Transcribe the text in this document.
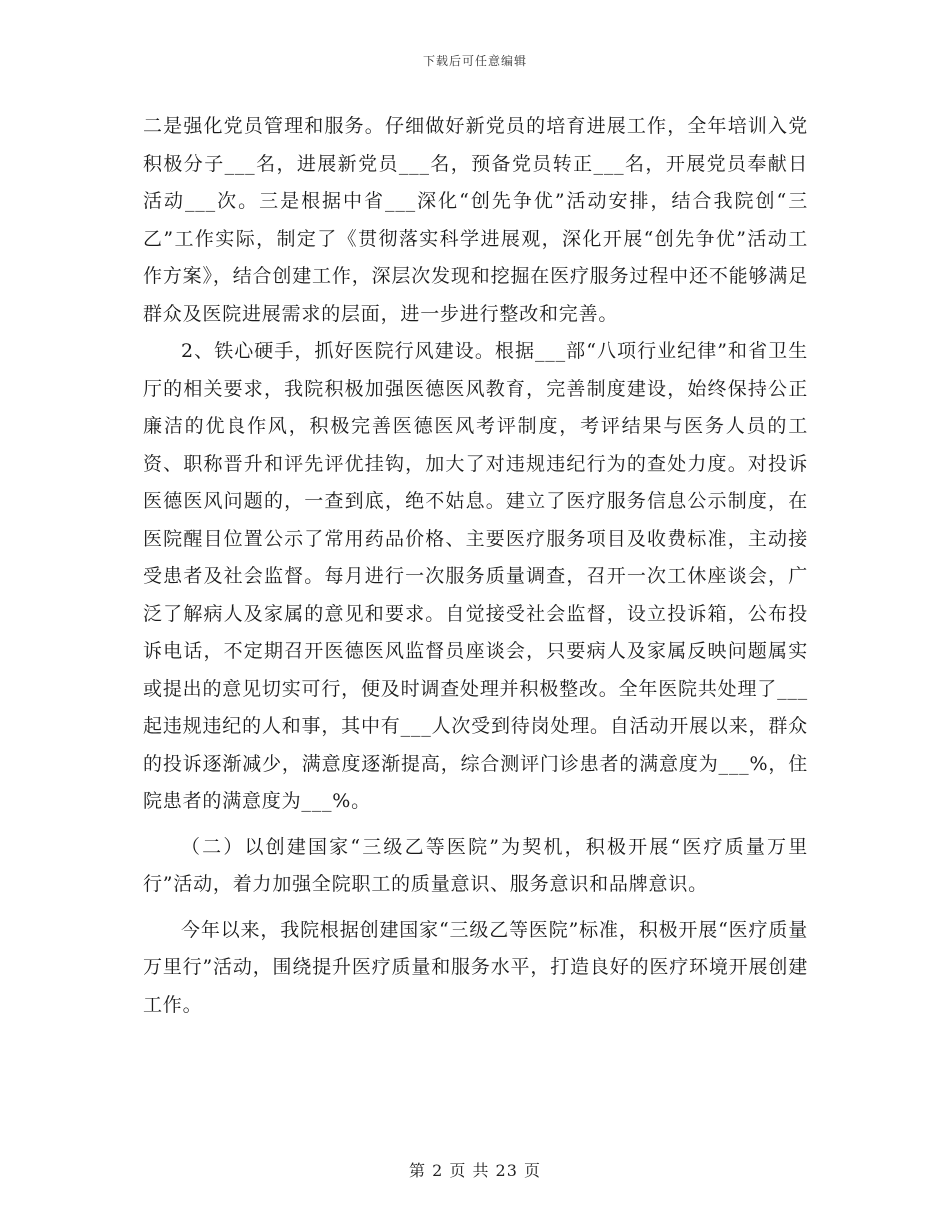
下载后可任意编辑

二是强化党员管理和服务。仔细做好新党员的培育进展工作，全年培训入党积极分子___名，进展新党员___名，预备党员转正___名，开展党员奉献日活动___次。三是根据中省___深化“创先争优”活动安排，结合我院创“三乙”工作实际，制定了《贯彻落实科学进展观，深化开展“创先争优”活动工作方案》，结合创建工作，深层次发现和挖掘在医疗服务过程中还不能够满足群众及医院进展需求的层面，进一步进行整改和完善。

2、铁心硬手，抓好医院行风建设。根据___部“八项行业纪律”和省卫生厅的相关要求，我院积极加强医德医风教育，完善制度建设，始终保持公正廉洁的优良作风，积极完善医德医风考评制度，考评结果与医务人员的工资、职称晋升和评先评优挂钩，加大了对违规违纪行为的查处力度。对投诉医德医风问题的，一查到底，绝不姑息。建立了医疗服务信息公示制度，在医院醒目位置公示了常用药品价格、主要医疗服务项目及收费标准，主动接受患者及社会监督。每月进行一次服务质量调查，召开一次工休座谈会，广泛了解病人及家属的意见和要求。自觉接受社会监督，设立投诉箱，公布投诉电话，不定期召开医德医风监督员座谈会，只要病人及家属反映问题属实或提出的意见切实可行，便及时调查处理并积极整改。全年医院共处理了___起违规违纪的人和事，其中有___人次受到待岗处理。自活动开展以来，群众的投诉逐渐减少，满意度逐渐提高，综合测评门诊患者的满意度为___%，住院患者的满意度为___%。

（二）以创建国家“三级乙等医院”为契机，积极开展“医疗质量万里行”活动，着力加强全院职工的质量意识、服务意识和品牌意识。

今年以来，我院根据创建国家“三级乙等医院”标准，积极开展“医疗质量万里行”活动，围绕提升医疗质量和服务水平，打造良好的医疗环境开展创建工作。

第 2 页 共 23 页
